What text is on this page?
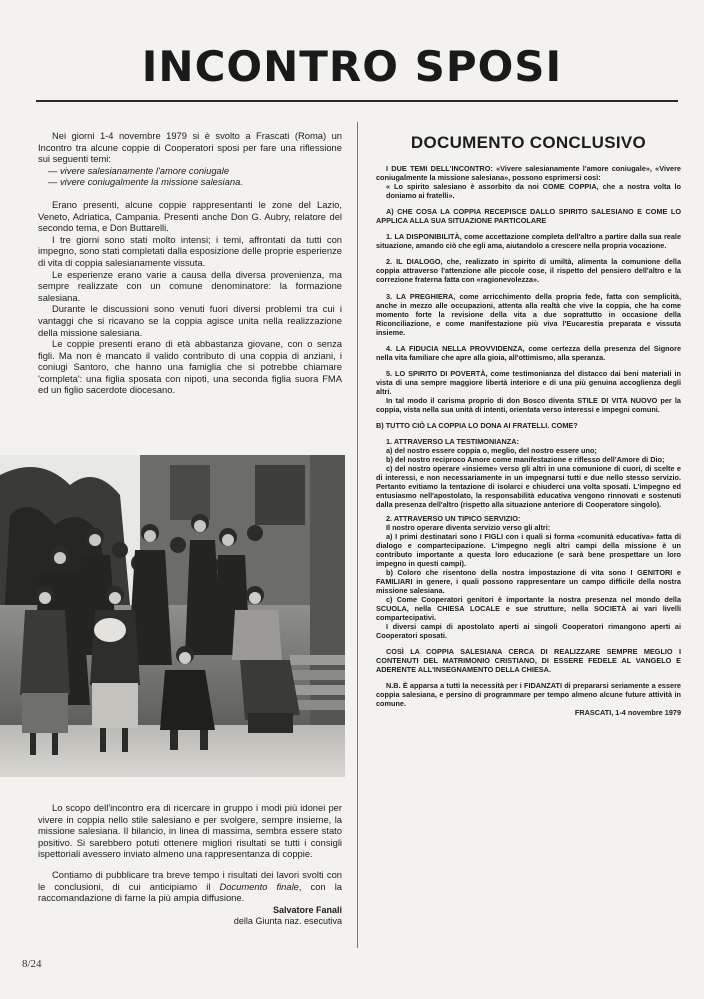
INCONTRO SPOSI

Nei giorni 1-4 novembre 1979 si è svolto a Frascati (Roma) un Incontro tra alcune coppie di Cooperatori sposi per fare una riflessione sui seguenti temi:

— vivere salesianamente l'amore coniugale

— vivere coniugalmente la missione salesiana.

Erano presenti, alcune coppie rappresentanti le zone del Lazio, Veneto, Adriatica, Campania. Presenti anche Don G. Aubry, relatore del secondo tema, e Don Buttarelli.

I tre giorni sono stati molto intensi; i temi, affrontati da tutti con impegno, sono stati completati dalla esposizione delle proprie esperienze di vita di coppia salesianamente vissuta.

Le esperienze erano varie a causa della diversa provenienza, ma sempre realizzate con un comune denominatore: la formazione salesiana.

Durante le discussioni sono venuti fuori diversi problemi tra cui i vantaggi che si ricavano se la coppia agisce unita nella realizzazione della missione salesiana.

Le coppie presenti erano di età abbastanza giovane, con o senza figli. Ma non è mancato il valido contributo di una coppia di anziani, i coniugi Santoro, che hanno una famiglia che si potrebbe chiamare 'completa': una figlia sposata con nipoti, una seconda figlia suora FMA ed un figlio sacerdote diocesano.

Lo scopo dell'incontro era di ricercare in gruppo i modi più idonei per vivere in coppia nello stile salesiano e per svolgere, sempre insieme, la missione salesiana. Il bilancio, in linea di massima, sembra essere stato positivo. Si sarebbero potuti ottenere migliori risultati se tutti i consigli ispettoriali avessero inviato almeno una rappresentanza di coppie.

Contiamo di pubblicare tra breve tempo i risultati dei lavori svolti con le conclusioni, di cui anticipiamo il Documento finale, con la raccomandazione di farne la più ampia diffusione.

Salvatore Fanali
della Giunta naz. esecutiva
8/24
DOCUMENTO CONCLUSIVO

I DUE TEMI DELL'INCONTRO: «Vivere salesianamente l'amore coniugale», «Vivere coniugalmente la missione salesiana», possono esprimersi così:

« Lo spirito salesiano è assorbito da noi COME COPPIA, che a nostra volta lo doniamo ai fratelli».

A) CHE COSA LA COPPIA RECEPISCE DALLO SPIRITO SALESIANO E COME LO APPLICA ALLA SUA SITUAZIONE PARTICOLARE

1. LA DISPONIBILITÀ, come accettazione completa dell'altro a partire dalla sua reale situazione, amando ciò che egli ama, aiutandolo a crescere nella propria vocazione.

2. IL DIALOGO, che, realizzato in spirito di umiltà, alimenta la comunione della coppia attraverso l'attenzione alle piccole cose, il rispetto del pensiero dell'altro e la correzione fraterna fatta con «ragionevolezza».

3. LA PREGHIERA, come arricchimento della propria fede, fatta con semplicità, anche in mezzo alle occupazioni, attenta alla realtà che vive la coppia, che ha come momento forte la revisione della vita a due soprattutto in occasione della Riconciliazione, e come manifestazione più viva l'Eucarestia preparata e vissuta insieme.

4. LA FIDUCIA NELLA PROVVIDENZA, come certezza della presenza del Signore nella vita familiare che apre alla gioia, all'ottimismo, alla speranza.

5. LO SPIRITO DI POVERTÀ, come testimonianza del distacco dai beni materiali in vista di una sempre maggiore libertà interiore e di una più genuina accoglienza degli altri.

In tal modo il carisma proprio di don Bosco diventa STILE DI VITA NUOVO per la coppia, vista nella sua unità di intenti, orientata verso interessi e impegni comuni.

B) TUTTO CIÒ LA COPPIA LO DONA AI FRATELLI. COME?

1. ATTRAVERSO LA TESTIMONIANZA:

a) del nostro essere coppia o, meglio, del nostro essere uno;

b) del nostro reciproco Amore come manifestazione e riflesso dell'Amore di Dio;

c) del nostro operare «insieme» verso gli altri in una comunione di cuori, di scelte e di interessi, e non necessariamente in un impegnarsi tutti e due nello stesso servizio. Pertanto evitiamo la tentazione di isolarci e chiuderci una volta sposati. L'impegno ed entusiasmo nell'apostolato, la responsabilità educativa vengono rinnovati e sostenuti dalla presenza dell'altro (rispetto alla situazione anteriore di Cooperatore singolo).

2. ATTRAVERSO UN TIPICO SERVIZIO:

Il nostro operare diventa servizio verso gli altri:

a) I primi destinatari sono I FIGLI con i quali si forma «comunità educativa» fatta di dialogo e compartecipazione. L'impegno negli altri campi della missione è un contributo importante a questa loro educazione (e sarà bene prospettare un loro impegno in questi campi).

b) Coloro che risentono della nostra impostazione di vita sono I GENITORI e FAMILIARI in genere, i quali possono rappresentare un campo difficile della nostra missione salesiana.

c) Come Cooperatori genitori è importante la nostra presenza nel mondo della SCUOLA, nella CHIESA LOCALE e sue strutture, nella SOCIETÀ ai vari livelli compartecipativi.

I diversi campi di apostolato aperti ai singoli Cooperatori rimangono aperti ai Cooperatori sposati.

COSÌ LA COPPIA SALESIANA CERCA DI REALIZZARE SEMPRE MEGLIO I CONTENUTI DEL MATRIMONIO CRISTIANO, DI ESSERE FEDELE AL VANGELO E ADERENTE ALL'INSEGNAMENTO DELLA CHIESA.

N.B. È apparsa a tutti la necessità per i FIDANZATI di prepararsi seriamente a essere coppia salesiana, e persino di programmare per tempo almeno alcune future attività in comune.

FRASCATI, 1-4 novembre 1979
